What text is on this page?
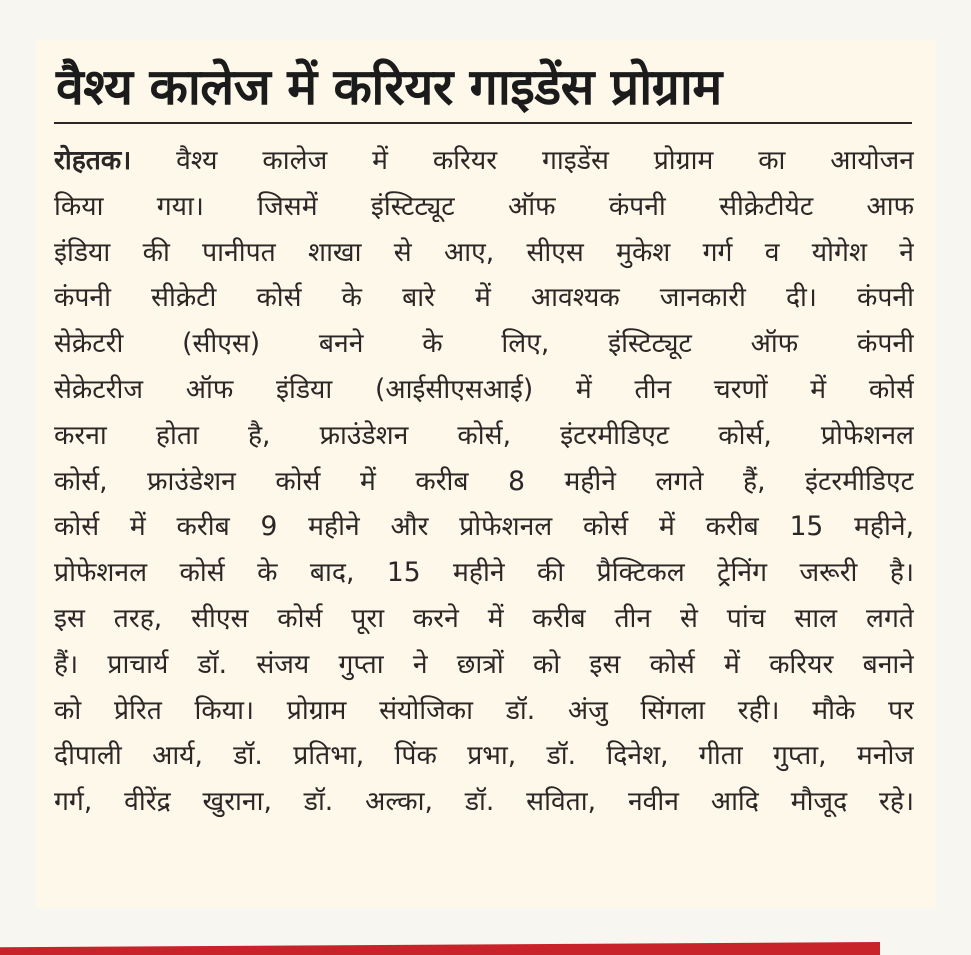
वैश्य कालेज में करियर गाइडेंस प्रोग्राम
रोहतक। वैश्य कालेज में करियर गाइडेंस प्रोग्राम का आयोजन
किया गया। जिसमें इंस्टिट्यूट ऑफ कंपनी सीक्रेटीयेट आफ
इंडिया की पानीपत शाखा से आए, सीएस मुकेश गर्ग व योगेश ने
कंपनी सीक्रेटी कोर्स के बारे में आवश्यक जानकारी दी। कंपनी
सेक्रेटरी (सीएस) बनने के लिए, इंस्टिट्यूट ऑफ कंपनी
सेक्रेटरीज ऑफ इंडिया (आईसीएसआई) में तीन चरणों में कोर्स
करना होता है, फ्राउंडेशन कोर्स, इंटरमीडिएट कोर्स, प्रोफेशनल
कोर्स, फ्राउंडेशन कोर्स में करीब 8 महीने लगते हैं, इंटरमीडिएट
कोर्स में करीब 9 महीने और प्रोफेशनल कोर्स में करीब 15 महीने,
प्रोफेशनल कोर्स के बाद, 15 महीने की प्रैक्टिकल ट्रेनिंग जरूरी है।
इस तरह, सीएस कोर्स पूरा करने में करीब तीन से पांच साल लगते
हैं। प्राचार्य डॉ. संजय गुप्ता ने छात्रों को इस कोर्स में करियर बनाने
को प्रेरित किया। प्रोग्राम संयोजिका डॉ. अंजु सिंगला रही। मौके पर
दीपाली आर्य, डॉ. प्रतिभा, पिंक प्रभा, डॉ. दिनेश, गीता गुप्ता, मनोज
गर्ग, वीरेंद्र खुराना, डॉ. अल्का, डॉ. सविता, नवीन आदि मौजूद रहे।
